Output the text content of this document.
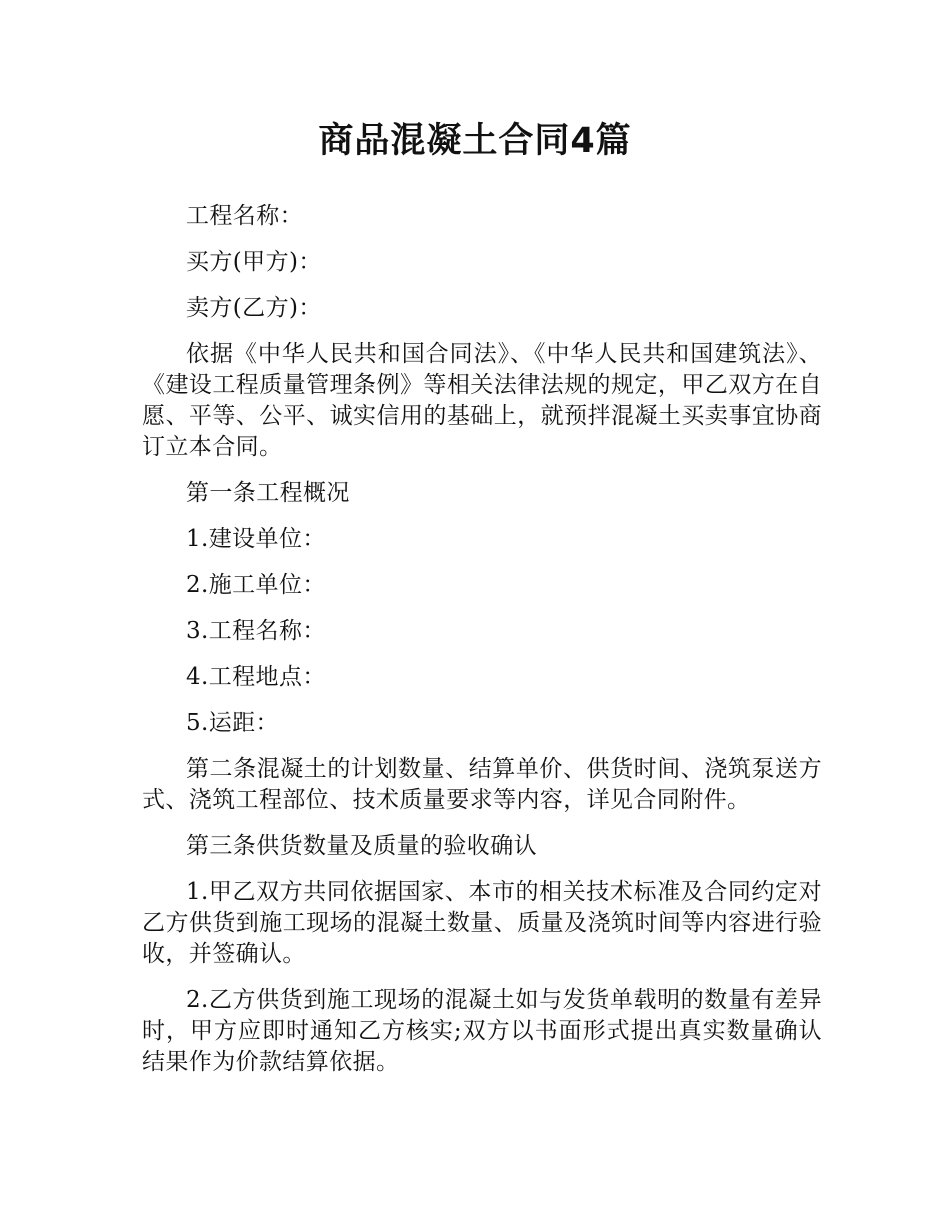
商品混凝土合同4篇

工程名称：

买方(甲方)：

卖方(乙方)：

依据《中华人民共和国合同法》、《中华人民共和国建筑法》、《建设工程质量管理条例》等相关法律法规的规定，甲乙双方在自愿、平等、公平、诚实信用的基础上，就预拌混凝土买卖事宜协商订立本合同。

第一条工程概况

1.建设单位：

2.施工单位：

3.工程名称：

4.工程地点：

5.运距：

第二条混凝土的计划数量、结算单价、供货时间、浇筑泵送方式、浇筑工程部位、技术质量要求等内容，详见合同附件。

第三条供货数量及质量的验收确认

1.甲乙双方共同依据国家、本市的相关技术标准及合同约定对乙方供货到施工现场的混凝土数量、质量及浇筑时间等内容进行验收，并签确认。

2.乙方供货到施工现场的混凝土如与发货单载明的数量有差异时，甲方应即时通知乙方核实;双方以书面形式提出真实数量确认结果作为价款结算依据。
